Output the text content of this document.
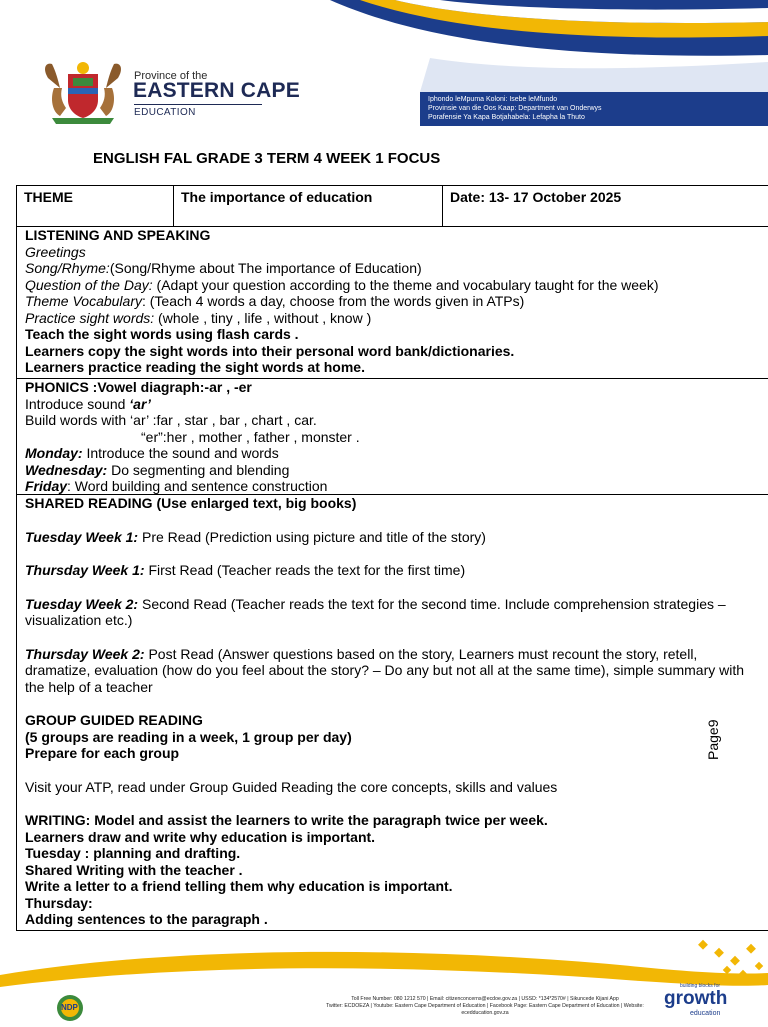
Province of the
EASTERN CAPE
EDUCATION
Iphondo leMpuma Koloni: Isebe leMfundo
Provinsie van die Oos Kaap: Department van Onderwys
Porafensie Ya Kapa Botjahabela: Lefapha la Thuto
ENGLISH FAL GRADE 3 TERM 4 WEEK 1 FOCUS
THEME	The importance of education	Date: 13- 17 October 2025
LISTENING AND SPEAKING
Greetings
Song/Rhyme:(Song/Rhyme about The importance of Education)
Question of the Day: (Adapt your question according to the theme and vocabulary taught for the week)
Theme Vocabulary: (Teach 4 words a day, choose from the words given in ATPs)
Practice sight words: (whole , tiny , life , without , know )
Teach the sight words using flash cards .
Learners copy the sight words into their personal word bank/dictionaries.
Learners practice reading the sight words at home.
PHONICS :Vowel diagraph:-ar , -er
Introduce sound ‘ar’
Build words with ‘ar’ :far , star , bar , chart , car.
“er”:her , mother , father , monster .
Monday: Introduce the sound and words
Wednesday: Do segmenting and blending
Friday: Word building and sentence construction
SHARED READING (Use enlarged text, big books)
Tuesday Week 1: Pre Read (Prediction using picture and title of the story)
Thursday Week 1: First Read (Teacher reads the text for the first time)
Tuesday Week 2: Second Read (Teacher reads the text for the second time. Include comprehension strategies – visualization etc.)
Thursday Week 2: Post Read (Answer questions based on the story, Learners must recount the story, retell, dramatize, evaluation (how do you feel about the story? – Do any but not all at the same time), simple summary with the help of a teacher
GROUP GUIDED READING
(5 groups are reading in a week, 1 group per day)
Prepare for each group
Visit your ATP, read under Group Guided Reading the core concepts, skills and values
WRITING: Model and assist the learners to write the paragraph twice per week.
Learners draw and write why education is important.
Tuesday : planning and drafting.
Shared Writing with the teacher .
Write a letter to a friend telling them why education is important.
Thursday:
Adding sentences to the paragraph .
Page9
NDP
Toll Free Number: 080 1212 570 | Email: citizenconcerns@ecdoe.gov.za | USSD: *134*2570# | Sikuncede Kijani App
Twitter: ECDOEZA | Youtube: Eastern Cape Department of Education | Facebook Page: Eastern Cape Department of Education | Website:
ecedducation.gov.za
building blocks for
growth
education
